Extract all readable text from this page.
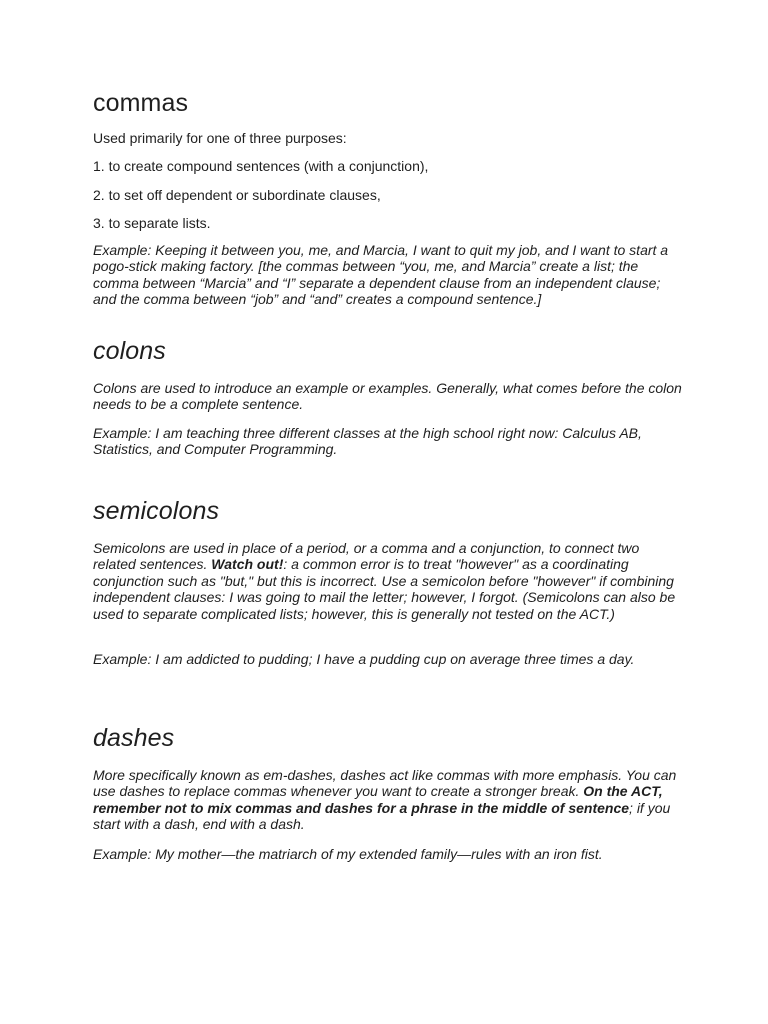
commas

Used primarily for one of three purposes:

1. to create compound sentences (with a conjunction),

2. to set off dependent or subordinate clauses,

3. to separate lists.

Example: Keeping it between you, me, and Marcia, I want to quit my job, and I want to start a pogo-stick making factory. [the commas between “you, me, and Marcia” create a list; the comma between “Marcia” and “I” separate a dependent clause from an independent clause; and the comma between “job” and “and” creates a compound sentence.]

colons

Colons are used to introduce an example or examples. Generally, what comes before the colon needs to be a complete sentence.

Example: I am teaching three different classes at the high school right now: Calculus AB, Statistics, and Computer Programming.

semicolons

Semicolons are used in place of a period, or a comma and a conjunction, to connect two related sentences. Watch out!: a common error is to treat "however" as a coordinating conjunction such as "but," but this is incorrect. Use a semicolon before "however" if combining independent clauses: I was going to mail the letter; however, I forgot. (Semicolons can also be used to separate complicated lists; however, this is generally not tested on the ACT.)

Example: I am addicted to pudding; I have a pudding cup on average three times a day.

dashes

More specifically known as em-dashes, dashes act like commas with more emphasis. You can use dashes to replace commas whenever you want to create a stronger break. On the ACT, remember not to mix commas and dashes for a phrase in the middle of sentence; if you start with a dash, end with a dash.

Example: My mother—the matriarch of my extended family—rules with an iron fist.
